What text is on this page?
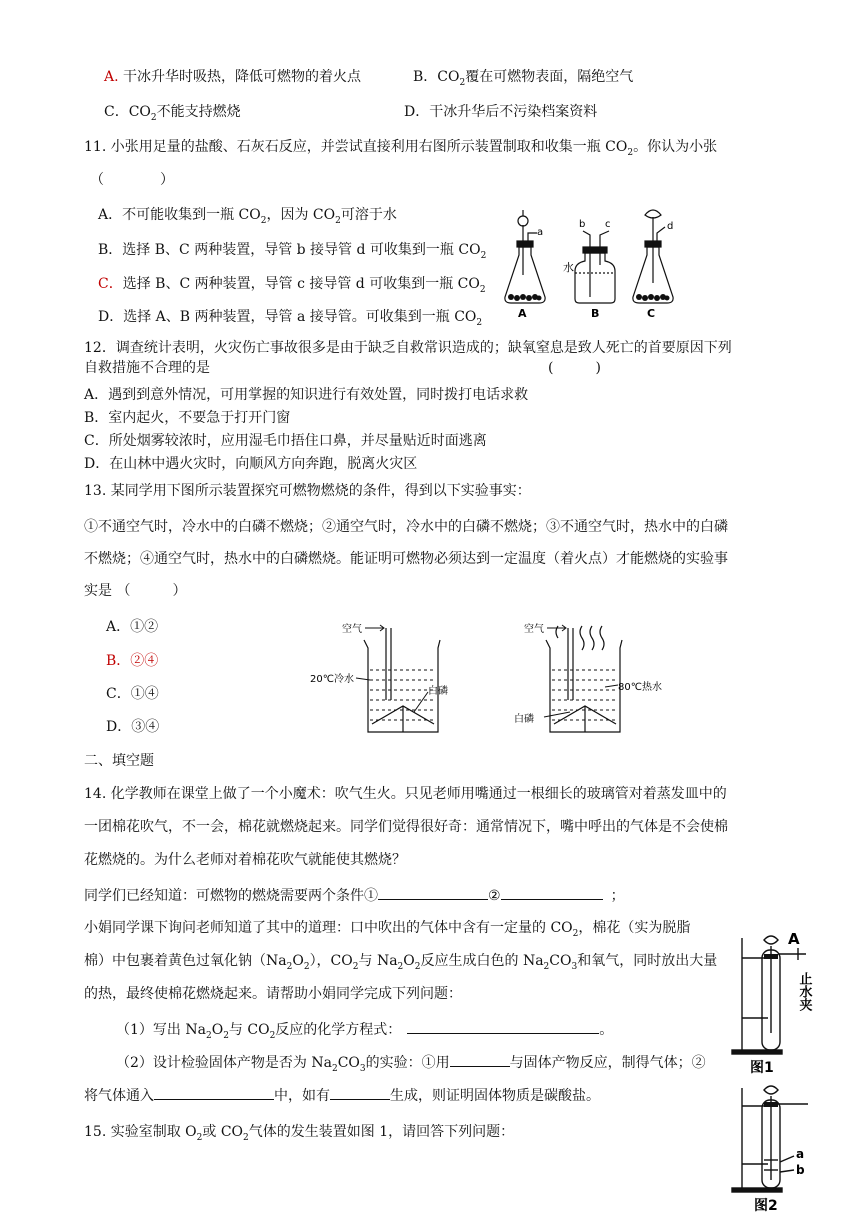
A. 干冰升华时吸热，降低可燃物的着火点	B．$CO_2$覆在可燃物表面，隔绝空气
C．$CO_2$不能支持燃烧	D．干冰升华后不污染档案资料
11. 小张用足量的盐酸、石灰石反应，并尝试直接利用右图所示装置制取和收集一瓶 $CO_2$。你认为小张
（　　　　）
A．不可能收集到一瓶 $CO_2$，因为 $CO_2$可溶于水
B．选择 B、C 两种装置，导管 b 接导管 d 可收集到一瓶 $CO_2$
C．选择 B、C 两种装置，导管 c 接导管 d 可收集到一瓶 $CO_2$
D．选择 A、B 两种装置，导管 a 接导管。可收集到一瓶 $CO_2$
a
A
b c
水
B
d
C
12．调查统计表明，火灾伤亡事故很多是由于缺乏自救常识造成的；缺氧窒息是致人死亡的首要原因下列
自救措施不合理的是	(　　　)
A．遇到到意外情况，可用掌握的知识进行有效处置，同时拨打电话求救
B．室内起火，不要急于打开门窗
C．所处烟雾较浓时，应用湿毛巾捂住口鼻，并尽量贴近时面逃离
D．在山林中遇火灾时，向顺风方向奔跑，脱离火灾区
13. 某同学用下图所示装置探究可燃物燃烧的条件，得到以下实验事实：
①不通空气时，冷水中的白磷不燃烧；②通空气时，冷水中的白磷不燃烧；③不通空气时，热水中的白磷
不燃烧；④通空气时，热水中的白磷燃烧。能证明可燃物必须达到一定温度（着火点）才能燃烧的实验事
实是 （　　　）
A．①②
B．②④
C．①④
D．③④
空气	空气
20℃冷水
白磷	80℃热水
白磷
二、填空题
14. 化学教师在课堂上做了一个小魔术：吹气生火。只见老师用嘴通过一根细长的玻璃管对着蒸发皿中的
一团棉花吹气，不一会，棉花就燃烧起来。同学们觉得很好奇：通常情况下，嘴中呼出的气体是不会使棉
花燃烧的。为什么老师对着棉花吹气就能使其燃烧？
同学们已经知道：可燃物的燃烧需要两个条件①	②	；
小娟同学课下询问老师知道了其中的道理：口中吹出的气体中含有一定量的 $CO_2$，棉花（实为脱脂
棉）中包裹着黄色过氧化钠$(Na_2O_2)$，$CO_2$与 $Na_2O_2$反应生成白色的 $Na_2CO_3$和氧气，同时放出大量
的热，最终使棉花燃烧起来。请帮助小娟同学完成下列问题：
（1）写出 $Na_2O_2$与 $CO_2$反应的化学方程式：	。
（2）设计检验固体产物是否为 $Na_2CO_3$的实验：①用	与固体产物反应，制得气体；②
将气体通入	中，如有	生成，则证明固体物质是碳酸盐。
15. 实验室制取 $O_2$或 $CO_2$气体的发生装置如图 1，请回答下列问题：
A
止水夹
图1
a
b
图2
